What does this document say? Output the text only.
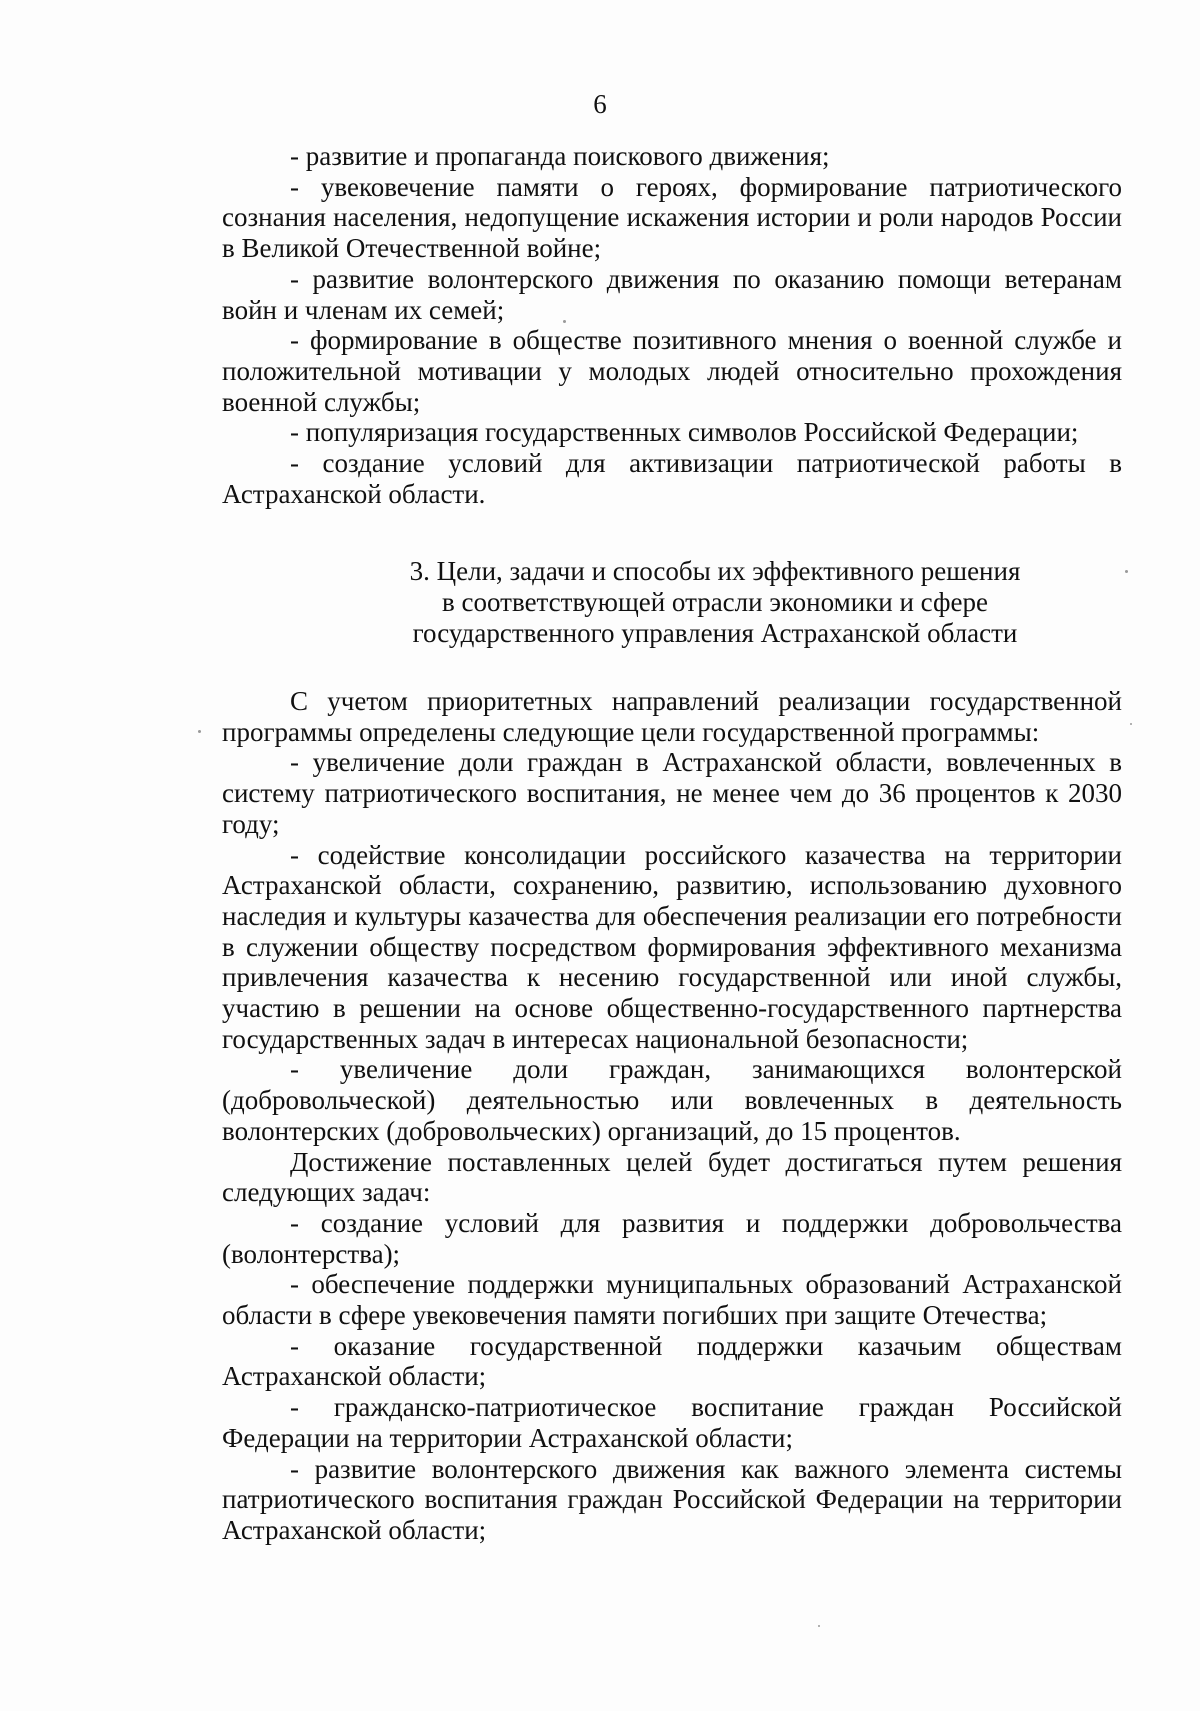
6

- развитие и пропаганда поискового движения;

- увековечение памяти о героях, формирование патриотического сознания населения, недопущение искажения истории и роли народов России в Великой Отечественной войне;

- развитие волонтерского движения по оказанию помощи ветеранам войн и членам их семей;

- формирование в обществе позитивного мнения о военной службе и положительной мотивации у молодых людей относительно прохождения военной службы;

- популяризация государственных символов Российской Федерации;

- создание условий для активизации патриотической работы в Астраханской области.

3. Цели, задачи и способы их эффективного решения
в соответствующей отрасли экономики и сфере
государственного управления Астраханской области

С учетом приоритетных направлений реализации государственной программы определены следующие цели государственной программы:

- увеличение доли граждан в Астраханской области, вовлеченных в систему патриотического воспитания, не менее чем до 36 процентов к 2030 году;

- содействие консолидации российского казачества на территории Астраханской области, сохранению, развитию, использованию духовного наследия и культуры казачества для обеспечения реализации его потребности в служении обществу посредством формирования эффективного механизма привлечения казачества к несению государственной или иной службы, участию в решении на основе общественно-государственного партнерства государственных задач в интересах национальной безопасности;

- увеличение доли граждан, занимающихся волонтерской (добровольческой) деятельностью или вовлеченных в деятельность волонтерских (добровольческих) организаций, до 15 процентов.

Достижение поставленных целей будет достигаться путем решения следующих задач:

- создание условий для развития и поддержки добровольчества (волонтерства);

- обеспечение поддержки муниципальных образований Астраханской области в сфере увековечения памяти погибших при защите Отечества;

- оказание государственной поддержки казачьим обществам Астраханской области;

- гражданско-патриотическое воспитание граждан Российской Федерации на территории Астраханской области;

- развитие волонтерского движения как важного элемента системы патриотического воспитания граждан Российской Федерации на территории Астраханской области;
